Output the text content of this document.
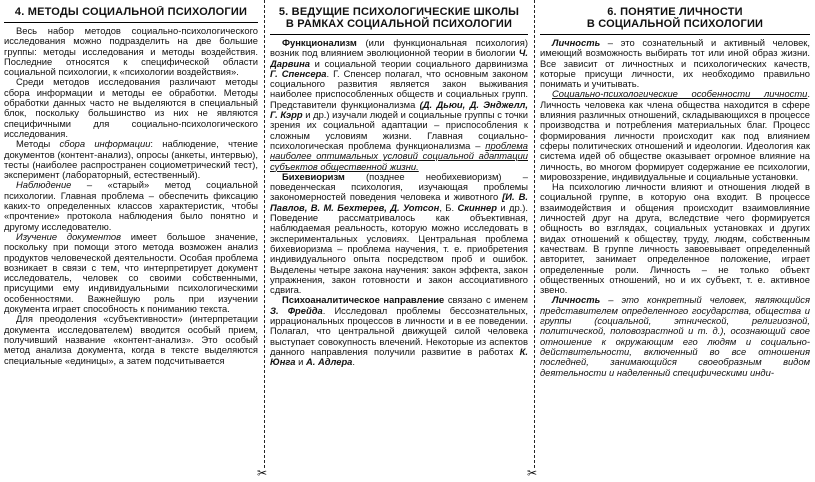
✂	✂
4. МЕТОДЫ СОЦИАЛЬНОЙ ПСИХОЛОГИИ

Весь набор методов социально-психологического исследования можно подразделить на две большие группы: методы исследования и методы воздействия. Последние относятся к специфической области социальной психологии, к «психологии воздействия».

Среди методов исследования различают методы сбора информации и методы ее обработки. Методы обработки данных часто не выделяются в специальный блок, поскольку большинство из них не являются специфичными для социально-психологического исследования.

Методы сбора информации: наблюдение, чтение документов (контент-анализ), опросы (анкеты, интервью), тесты (наиболее распространен социометрический тест), эксперимент (лабораторный, естественный).

Наблюдение – «старый» метод социальной психологии. Главная проблема – обеспечить фиксацию каких-то определенных классов характеристик, чтобы «прочтение» протокола наблюдения было понятно и другому исследователю.

Изучение документов имеет большое значение, поскольку при помощи этого метода возможен анализ продуктов человеческой деятельности. Особая проблема возникает в связи с тем, что интерпретирует документ исследователь, человек со своими собственными, присущими ему индивидуальными психологическими особенностями. Важнейшую роль при изучении документа играет способность к пониманию текста.

Для преодоления «субъективности» (интерпретации документа исследователем) вводится особый прием, получивший название «контент-анализ». Это особый метод анализа документа, когда в тексте выделяются специальные «единицы», а затем подсчитывается

5. ВЕДУЩИЕ ПСИХОЛОГИЧЕСКИЕ ШКОЛЫ
В РАМКАХ СОЦИАЛЬНОЙ ПСИХОЛОГИИ

Функционализм (или функциональная психология) возник под влиянием эволюционной теории в биологии Ч. Дарвина и социальной теории социального дарвинизма Г. Спенсера. Г. Спенсер полагал, что основным законом социального развития является закон выживания наиболее приспособленных обществ и социальных групп. Представители функционализма (Д. Дьюи, Д. Энджелл, Г. Кэрр и др.) изучали людей и социальные группы с точки зрения их социальной адаптации – приспособления к сложным условиям жизни. Главная социально-психологическая проблема функционализма – проблема наиболее оптимальных условий социальной адаптации субъектов общественной жизни.

Бихевиоризм (позднее необихевиоризм) – поведенческая психология, изучающая проблемы закономерностей поведения человека и животного [И. В. Павлов, В. М. Бехтерев, Д. Уотсон, Б. Скиннер и др.). Поведение рассматривалось как объективная, наблюдаемая реальность, которую можно исследовать в экспериментальных условиях. Центральная проблема бихевиоризма – проблема научения, т. е. приобретения индивидуального опыта посредством проб и ошибок. Выделены четыре закона научения: закон эффекта, закон упражнения, закон готовности и закон ассоциативного сдвига.

Психоаналитическое направление связано с именем З. Фрейда. Исследовал проблемы бессознательных, иррациональных процессов в личности и в ее поведении. Полагал, что центральной движущей силой человека выступает совокупность влечений. Некоторые из аспектов данного направления получили развитие в работах К. Юнга и А. Адлера.

6. ПОНЯТИЕ ЛИЧНОСТИ
В СОЦИАЛЬНОЙ ПСИХОЛОГИИ

Личность – это сознательный и активный человек, имеющий возможность выбирать тот или иной образ жизни. Все зависит от личностных и психологических качеств, которые присущи личности, их необходимо правильно понимать и учитывать.

Социально-психологические особенности личности. Личность человека как члена общества находится в сфере влияния различных отношений, складывающихся в процессе производства и потребления материальных благ. Процесс формирования личности происходит как под влиянием сферы политических отношений и идеологии. Идеология как система идей об обществе оказывает огромное влияние на личность, во многом формирует содержание ее психологии, мировоззрение, индивидуальные и социальные установки.

На психологию личности влияют и отношения людей в социальной группе, в которую она входит. В процессе взаимодействия и общения происходит взаимовлияние личностей друг на друга, вследствие чего формируется общность во взглядах, социальных установках и других видах отношений к обществу, труду, людям, собственным качествам. В группе личность завоевывает определенный авторитет, занимает определенное положение, играет определенные роли. Личность – не только объект общественных отношений, но и их субъект, т. е. активное звено.

Личность – это конкретный человек, являющийся представителем определенного государства, общества и группы (социальной, этнической, религиозной, политической, половозрастной и т. д.), осознающий свое отношение к окружающим его людям и социально-действительности, включенный во все отношения последней, занимающийся своеобразным видом деятельности и наделенный специфическими инди-
